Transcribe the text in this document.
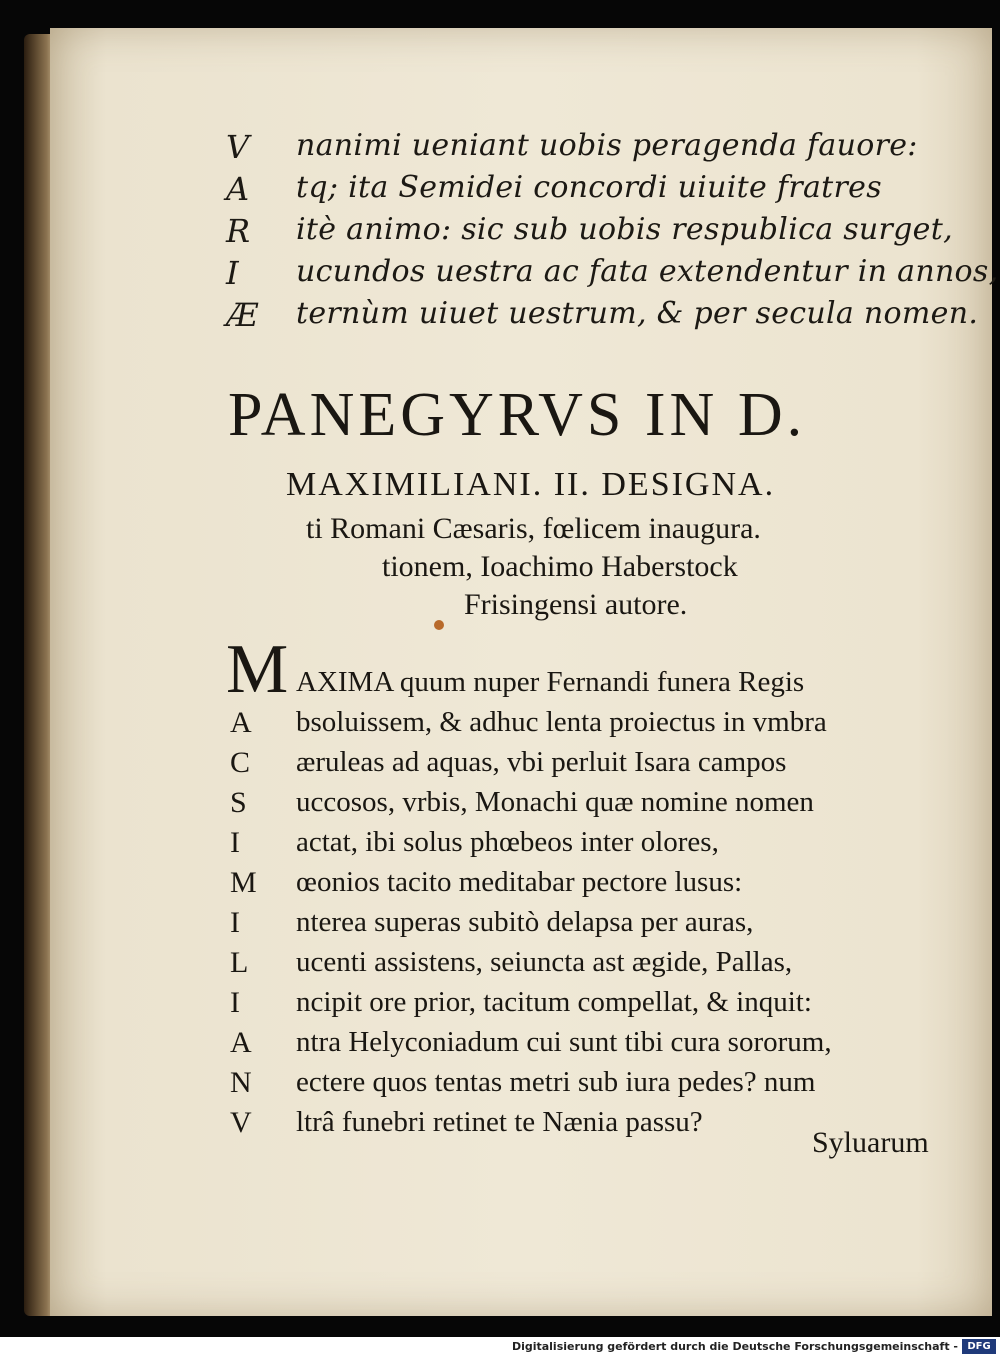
V nanimi ueniant uobis peragenda fauore:
A tq; ita Semidei concordi uiuite fratres
R itè animo: sic sub uobis respublica surget,
I ucundos uestra ac fata extendentur in annos,
Æ ternùm uiuet uestrum, & per secula nomen.
PANEGYRVS IN D.
MAXIMILIANI. II. DESIGNA.
ti Romani Cæsaris, fœlicem inaugura.
tionem, Ioachimo Haberstock
Frisingensi autore.
M AXIMA quum nuper Fernandi funera Regis
A bsoluissem, & adhuc lenta proiectus in vmbra
C æruleas ad aquas, vbi perluit Isara campos
S uccosos, vrbis, Monachi quæ nomine nomen
I actat, ibi solus phœbeos inter olores,
M œonios tacito meditabar pectore lusus:
I nterea superas subitò delapsa per auras,
L ucenti assistens, seiuncta ast ægide, Pallas,
I ncipit ore prior, tacitum compellat, & inquit:
A ntra Helyconiadum cui sunt tibi cura sororum,
N ectere quos tentas metri sub iura pedes? num
V ltrâ funebri retinet te Nænia passu?
Syluarum
Digitalisierung gefördert durch die Deutsche Forschungsgemeinschaft - DFG
